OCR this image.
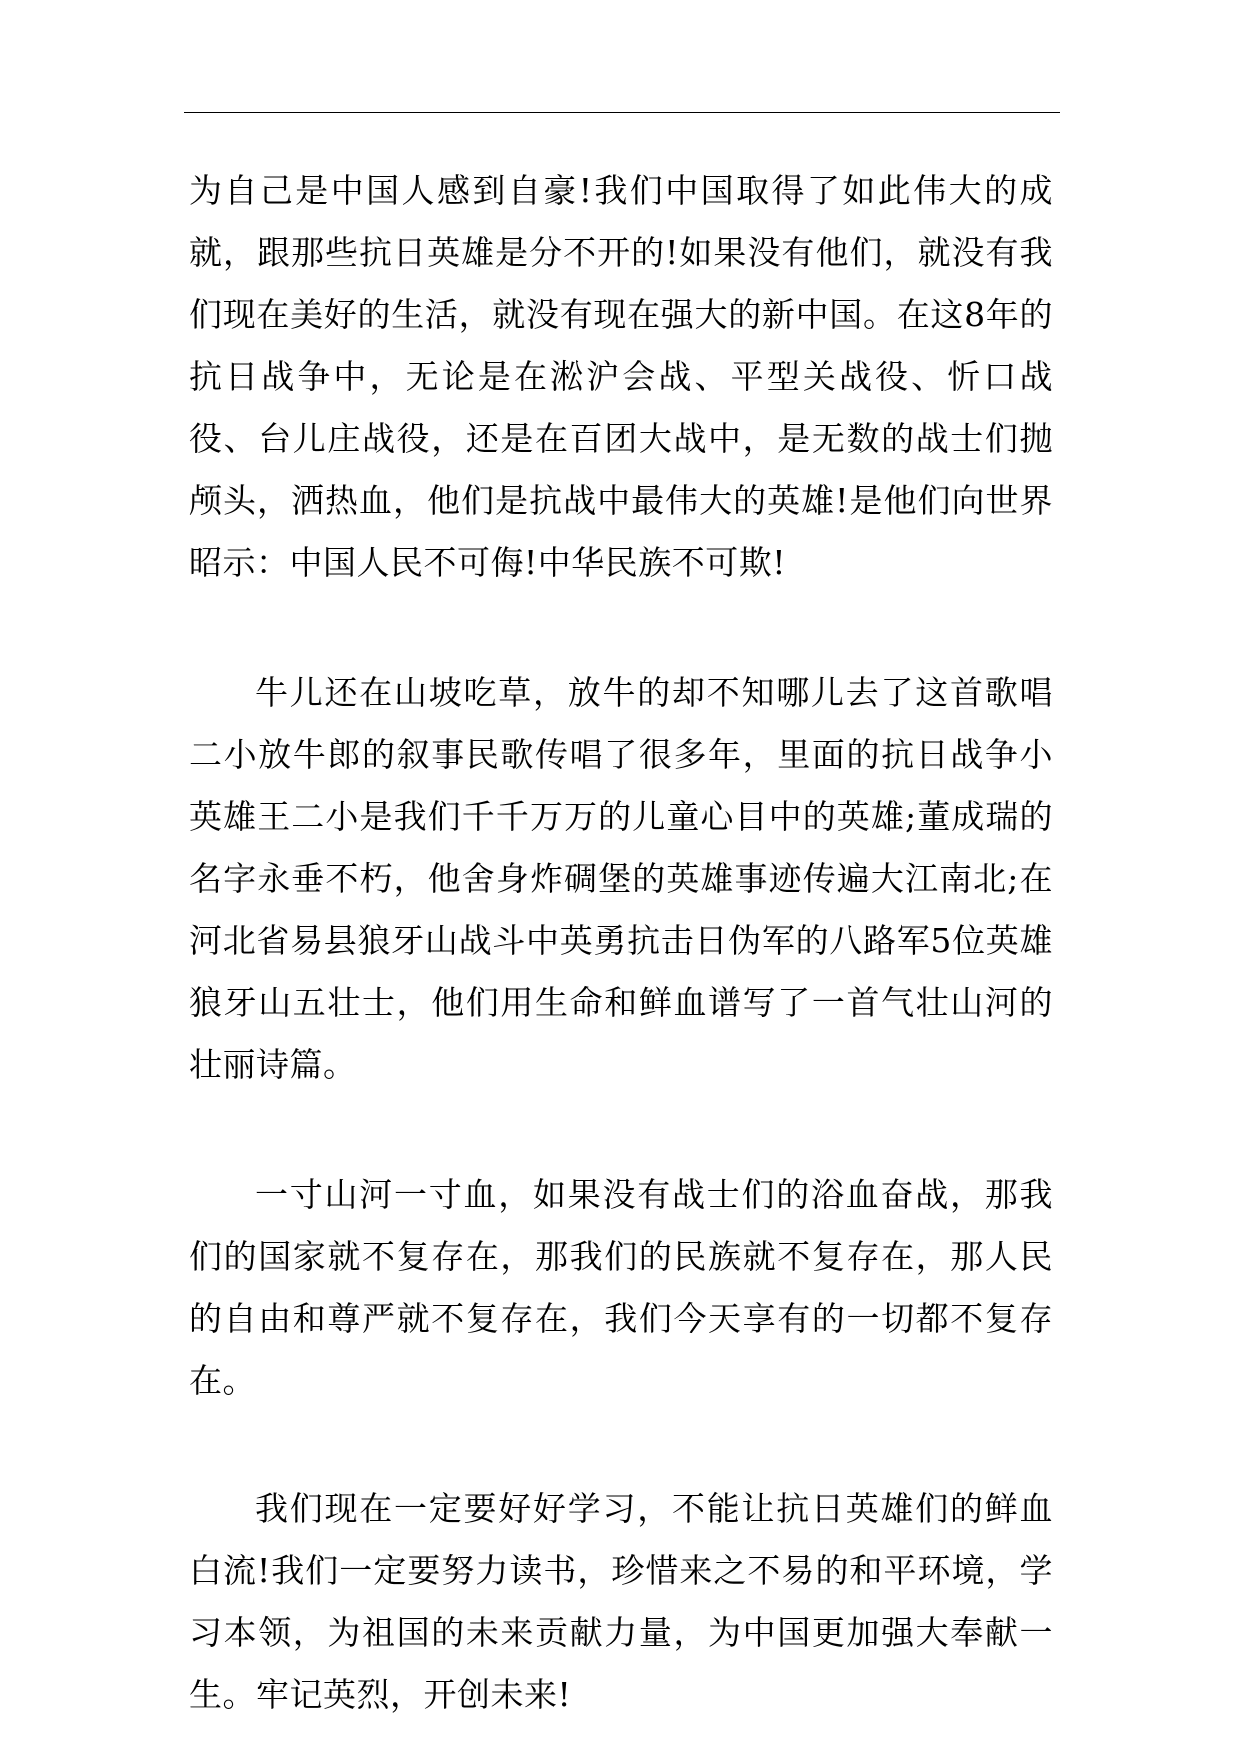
为自己是中国人感到自豪!我们中国取得了如此伟大的成就，跟那些抗日英雄是分不开的!如果没有他们，就没有我们现在美好的生活，就没有现在强大的新中国。在这8年的抗日战争中，无论是在淞沪会战、平型关战役、忻口战役、台儿庄战役，还是在百团大战中，是无数的战士们抛颅头，洒热血，他们是抗战中最伟大的英雄!是他们向世界昭示：中国人民不可侮!中华民族不可欺!

牛儿还在山坡吃草，放牛的却不知哪儿去了这首歌唱二小放牛郎的叙事民歌传唱了很多年，里面的抗日战争小英雄王二小是我们千千万万的儿童心目中的英雄;董成瑞的名字永垂不朽，他舍身炸碉堡的英雄事迹传遍大江南北;在河北省易县狼牙山战斗中英勇抗击日伪军的八路军5位英雄狼牙山五壮士，他们用生命和鲜血谱写了一首气壮山河的壮丽诗篇。

一寸山河一寸血，如果没有战士们的浴血奋战，那我们的国家就不复存在，那我们的民族就不复存在，那人民的自由和尊严就不复存在，我们今天享有的一切都不复存在。

我们现在一定要好好学习，不能让抗日英雄们的鲜血白流!我们一定要努力读书，珍惜来之不易的和平环境，学习本领，为祖国的未来贡献力量，为中国更加强大奉献一生。牢记英烈，开创未来!
